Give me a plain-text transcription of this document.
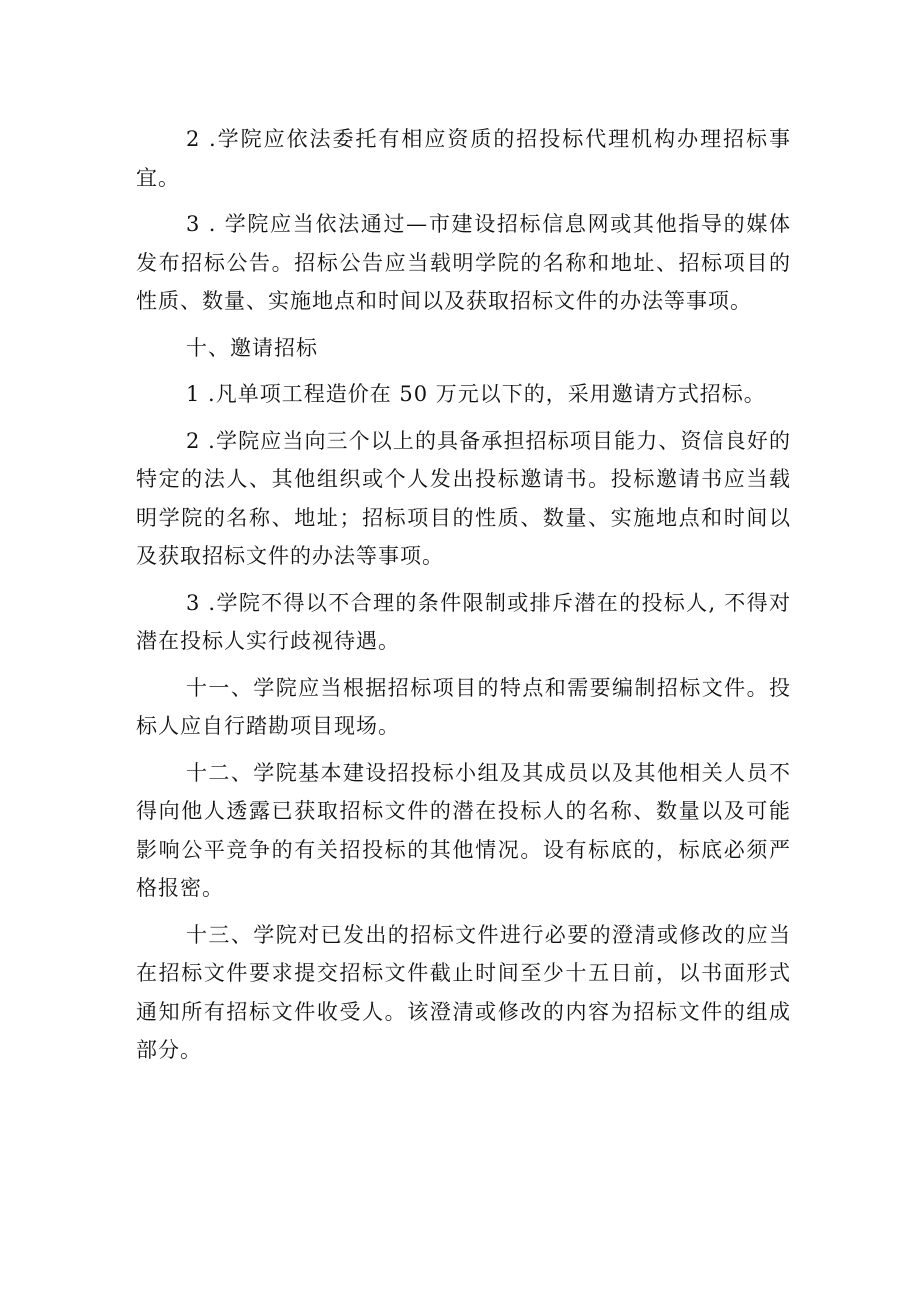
2 .学院应依法委托有相应资质的招投标代理机构办理招标事宜。

3 . 学院应当依法通过—市建设招标信息网或其他指导的媒体发布招标公告。招标公告应当载明学院的名称和地址、招标项目的性质、数量、实施地点和时间以及获取招标文件的办法等事项。

十、邀请招标

1 .凡单项工程造价在 50 万元以下的，采用邀请方式招标。

2 .学院应当向三个以上的具备承担招标项目能力、资信良好的特定的法人、其他组织或个人发出投标邀请书。投标邀请书应当载明学院的名称、地址；招标项目的性质、数量、实施地点和时间以及获取招标文件的办法等事项。

3 .学院不得以不合理的条件限制或排斥潜在的投标人, 不得对潜在投标人实行歧视待遇。

十一、学院应当根据招标项目的特点和需要编制招标文件。投标人应自行踏勘项目现场。

十二、学院基本建设招投标小组及其成员以及其他相关人员不得向他人透露已获取招标文件的潜在投标人的名称、数量以及可能影响公平竞争的有关招投标的其他情况。设有标底的，标底必须严格报密。

十三、学院对已发出的招标文件进行必要的澄清或修改的应当在招标文件要求提交招标文件截止时间至少十五日前，以书面形式通知所有招标文件收受人。该澄清或修改的内容为招标文件的组成部分。
